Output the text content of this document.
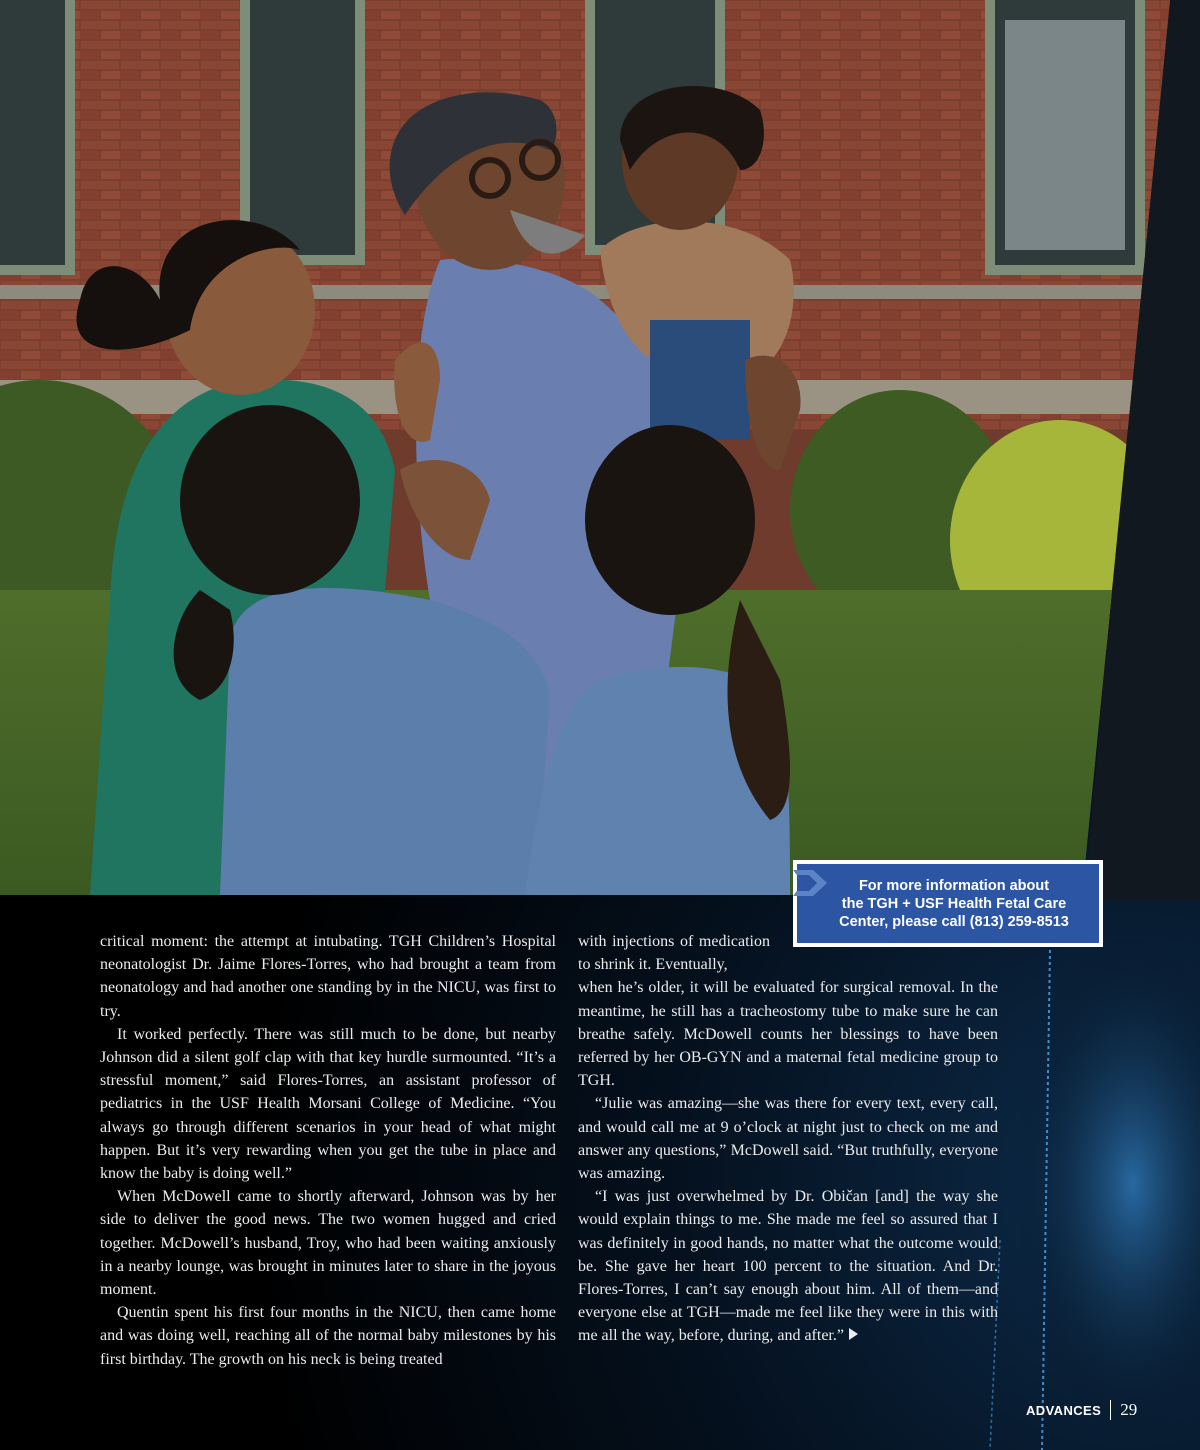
For more information about
the TGH + USF Health Fetal Care
Center, please call (813) 259-8513

critical moment: the attempt at intubating. TGH Children’s Hospital neonatologist Dr. Jaime Flores-Torres, who had brought a team from neonatology and had another one standing by in the NICU, was first to try.

It worked perfectly. There was still much to be done, but nearby Johnson did a silent golf clap with that key hurdle surmounted. “It’s a stressful moment,” said Flores-Torres, an assistant professor of pediatrics in the USF Health Morsani College of Medicine. “You always go through different scenarios in your head of what might happen. But it’s very rewarding when you get the tube in place and know the baby is doing well.”

When McDowell came to shortly afterward, Johnson was by her side to deliver the good news. The two women hugged and cried together. McDowell’s husband, Troy, who had been waiting anxiously in a nearby lounge, was brought in minutes later to share in the joyous moment.

Quentin spent his first four months in the NICU, then came home and was doing well, reaching all of the normal baby milestones by his first birthday. The growth on his neck is being treated

with injections of medication to shrink it. Eventually,

when he’s older, it will be evaluated for surgical removal. In the meantime, he still has a tracheostomy tube to make sure he can breathe safely. McDowell counts her blessings to have been referred by her OB-GYN and a maternal fetal medicine group to TGH.

“Julie was amazing—she was there for every text, every call, and would call me at 9 o’clock at night just to check on me and answer any questions,” McDowell said. “But truthfully, everyone was amazing.

“I was just overwhelmed by Dr. Običan [and] the way she would explain things to me. She made me feel so assured that I was definitely in good hands, no matter what the outcome would be. She gave her heart 100 percent to the situation. And Dr. Flores-Torres, I can’t say enough about him. All of them—and everyone else at TGH—made me feel like they were in this with me all the way, before, during, and after.”

ADVANCES 29
